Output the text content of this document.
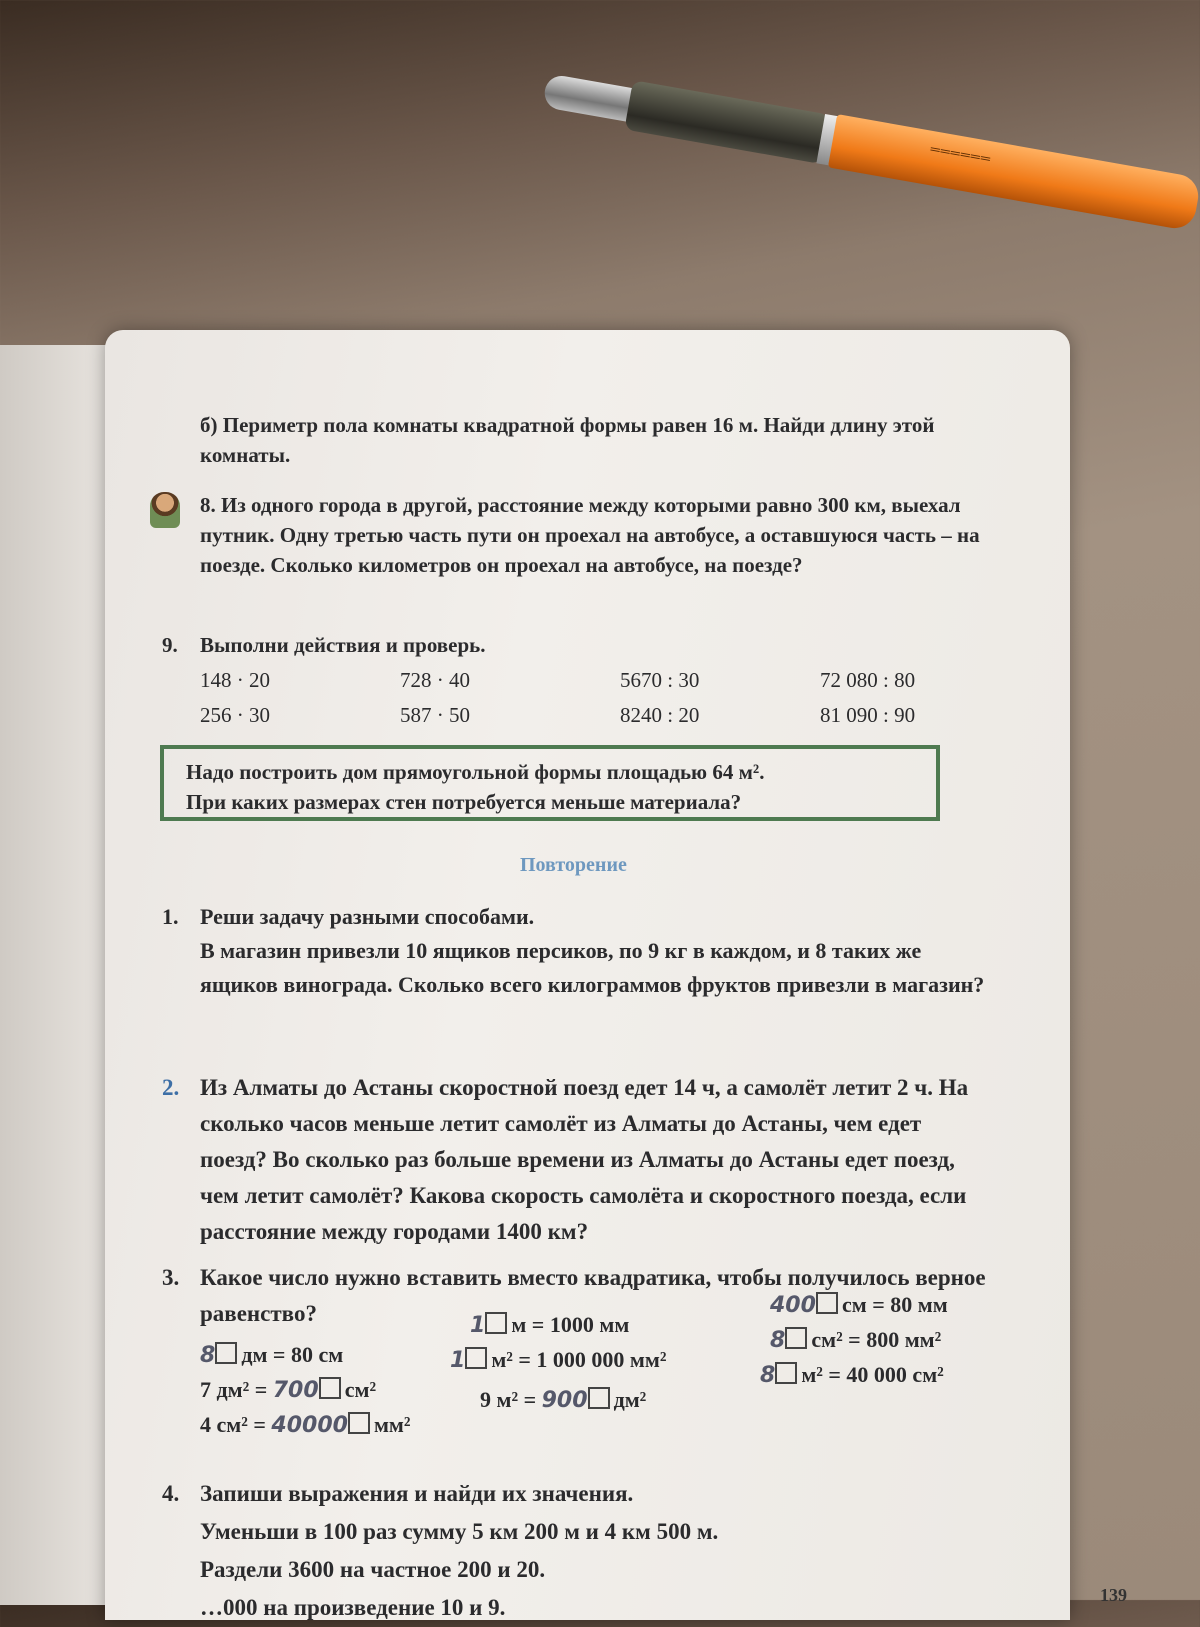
══════
б) Периметр пола комнаты квадратной формы равен 16 м. Найди длину этой комнаты.
8. Из одного города в другой, расстояние между которыми равно 300 км, выехал путник. Одну третью часть пути он проехал на автобусе, а оставшуюся часть – на поезде. Сколько километров он проехал на автобусе, на поезде?
9. Выполни действия и проверь.
148 · 20	728 · 40	5670 : 30	72 080 : 80
256 · 30	587 · 50	8240 : 20	81 090 : 90
Надо построить дом прямоугольной формы площадью 64 м².
При каких размерах стен потребуется меньше материала?
Повторение
1. Реши задачу разными способами.
В магазин привезли 10 ящиков персиков, по 9 кг в каждом, и 8 таких же ящиков винограда. Сколько всего килограммов фруктов привезли в магазин?
2. Из Алматы до Астаны скоростной поезд едет 14 ч, а самолёт летит 2 ч. На сколько часов меньше летит самолёт из Алматы до Астаны, чем едет поезд? Во сколько раз больше времени из Алматы до Астаны едет поезд, чем летит самолёт? Какова скорость самолёта и скоростного поезда, если расстояние между городами 1400 км?
3. Какое число нужно вставить вместо квадратика, чтобы получилось верное равенство?
8 дм = 80 см
1 м = 1000 мм
400 см = 80 мм
7 дм² = 700 см²
1 м² = 1 000 000 мм²
8 см² = 800 мм²
4 см² = 40000 мм²
9 м² = 900 дм²
8 м² = 40 000 см²
4. Запиши выражения и найди их значения.
Уменьши в 100 раз сумму 5 км 200 м и 4 км 500 м.
Раздели 3600 на частное 200 и 20.
…000 на произведение 10 и 9.	139
